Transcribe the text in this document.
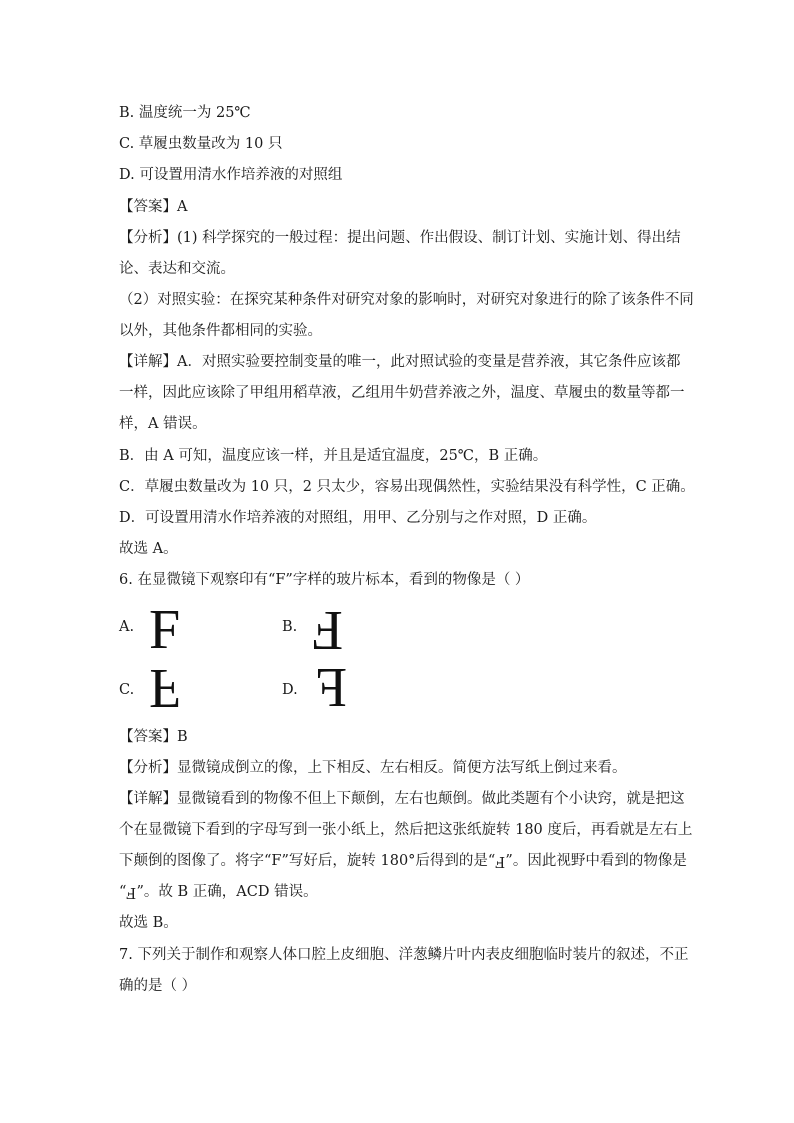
B. 温度统一为 25℃
C. 草履虫数量改为 10 只
D. 可设置用清水作培养液的对照组
【答案】A
【分析】(1) 科学探究的一般过程：提出问题、作出假设、制订计划、实施计划、得出结
论、表达和交流。
（2）对照实验：在探究某种条件对研究对象的影响时，对研究对象进行的除了该条件不同
以外，其他条件都相同的实验。
【详解】A．对照实验要控制变量的唯一，此对照试验的变量是营养液，其它条件应该都
一样，因此应该除了甲组用稻草液，乙组用牛奶营养液之外，温度、草履虫的数量等都一
样，A 错误。
B．由 A 可知，温度应该一样，并且是适宜温度，25℃，B 正确。
C．草履虫数量改为 10 只，2 只太少，容易出现偶然性，实验结果没有科学性，C 正确。
D．可设置用清水作培养液的对照组，用甲、乙分别与之作对照，D 正确。
故选 A。
6. 在显微镜下观察印有“F”字样的玻片标本，看到的物像是（ ）
A. F	B. F
C. F	D. F
【答案】B
【分析】显微镜成倒立的像，上下相反、左右相反。简便方法写纸上倒过来看。
【详解】显微镜看到的物像不但上下颠倒，左右也颠倒。做此类题有个小诀窍，就是把这
个在显微镜下看到的字母写到一张小纸上，然后把这张纸旋转 180 度后，再看就是左右上
下颠倒的图像了。将字“F”写好后，旋转 180°后得到的是“F”。因此视野中看到的物像是
“F”。故 B 正确，ACD 错误。
故选 B。
7. 下列关于制作和观察人体口腔上皮细胞、洋葱鳞片叶内表皮细胞临时装片的叙述，不正
确的是（ ）
